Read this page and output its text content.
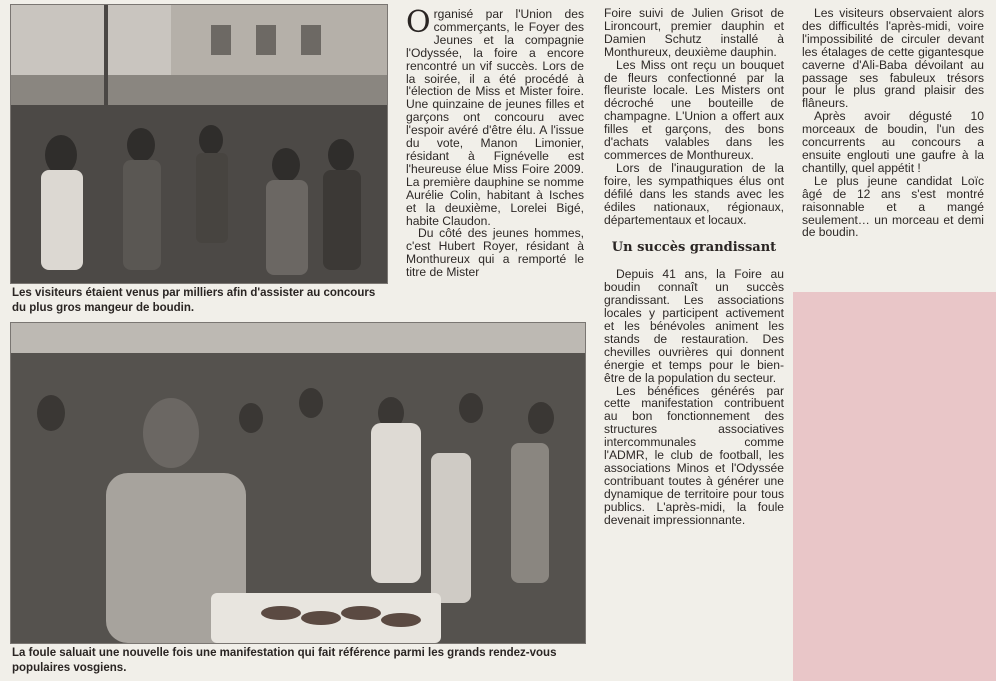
Les visiteurs étaient venus par milliers afin d'assister au concours du plus gros mangeur de boudin.
La foule saluait une nouvelle fois une manifestation qui fait référence parmi les grands rendez-vous populaires vosgiens.

Organisé par l'Union des commerçants, le Foyer des Jeunes et la compagnie l'Odyssée, la foire a encore rencontré un vif succès. Lors de la soirée, il a été procédé à l'élection de Miss et Mister foire. Une quinzaine de jeunes filles et garçons ont concouru avec l'espoir avéré d'être élu. A l'issue du vote, Manon Limonier, résidant à Fignévelle est l'heureuse élue Miss Foire 2009. La première dauphine se nomme Aurélie Colin, habitant à Isches et la deuxième, Lorelei Bigé, habite Claudon.

Du côté des jeunes hommes, c'est Hubert Royer, résidant à Monthureux qui a remporté le titre de Mister

Foire suivi de Julien Grisot de Lironcourt, premier dauphin et Damien Schutz installé à Monthureux, deuxième dauphin.

Les Miss ont reçu un bouquet de fleurs confectionné par la fleuriste locale. Les Misters ont décroché une bouteille de champagne. L'Union a offert aux filles et garçons, des bons d'achats valables dans les commerces de Monthureux.

Lors de l'inauguration de la foire, les sympathiques élus ont défilé dans les stands avec les édiles nationaux, régionaux, départementaux et locaux.

Un succès grandissant

Depuis 41 ans, la Foire au boudin connaît un succès grandissant. Les associations locales y participent activement et les bénévoles animent les stands de restauration. Des chevilles ouvrières qui donnent énergie et temps pour le bien-être de la population du secteur.

Les bénéfices générés par cette manifestation contribuent au bon fonctionnement des structures associatives intercommunales comme l'ADMR, le club de football, les associations Minos et l'Odyssée contribuant toutes à générer une dynamique de territoire pour tous publics. L'après-midi, la foule devenait impressionnante.

Les visiteurs observaient alors des difficultés l'après-midi, voire l'impossibilité de circuler devant les étalages de cette gigantesque caverne d'Ali-Baba dévoilant au passage ses fabuleux trésors pour le plus grand plaisir des flâneurs.

Après avoir dégusté 10 morceaux de boudin, l'un des concurrents au concours a ensuite englouti une gaufre à la chantilly, quel appétit !

Le plus jeune candidat Loïc âgé de 12 ans s'est montré raisonnable et a mangé seulement… un morceau et demi de boudin.
